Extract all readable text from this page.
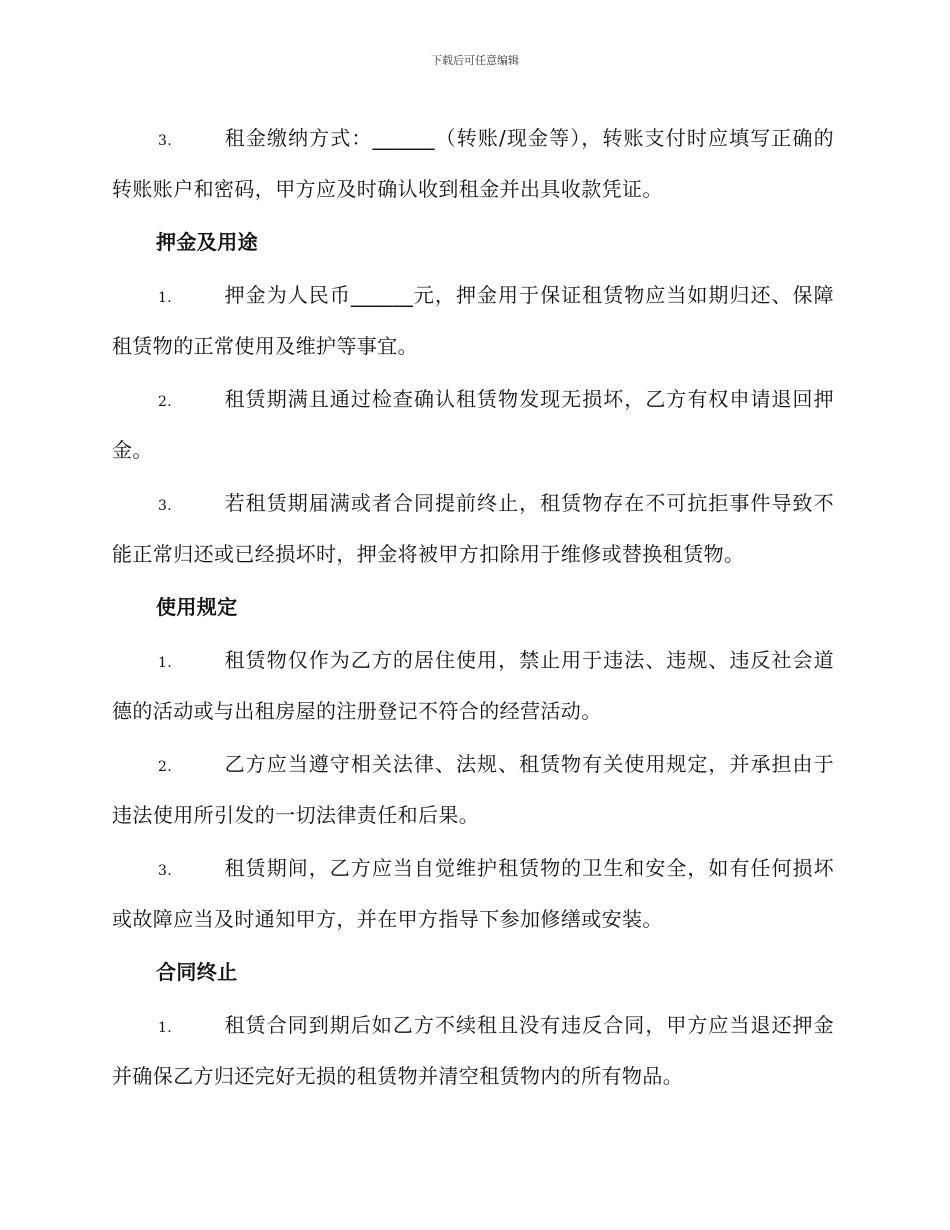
下载后可任意编辑

3.	租金缴纳方式：______（转账/现金等），转账支付时应填写正确的转账账户和密码，甲方应及时确认收到租金并出具收款凭证。

押金及用途

1.	押金为人民币______元，押金用于保证租赁物应当如期归还、保障租赁物的正常使用及维护等事宜。

2.	租赁期满且通过检查确认租赁物发现无损坏，乙方有权申请退回押金。

3.	若租赁期届满或者合同提前终止，租赁物存在不可抗拒事件导致不能正常归还或已经损坏时，押金将被甲方扣除用于维修或替换租赁物。

使用规定

1.	租赁物仅作为乙方的居住使用，禁止用于违法、违规、违反社会道德的活动或与出租房屋的注册登记不符合的经营活动。

2.	乙方应当遵守相关法律、法规、租赁物有关使用规定，并承担由于违法使用所引发的一切法律责任和后果。

3.	租赁期间，乙方应当自觉维护租赁物的卫生和安全，如有任何损坏或故障应当及时通知甲方，并在甲方指导下参加修缮或安装。

合同终止

1.	租赁合同到期后如乙方不续租且没有违反合同，甲方应当退还押金并确保乙方归还完好无损的租赁物并清空租赁物内的所有物品。
